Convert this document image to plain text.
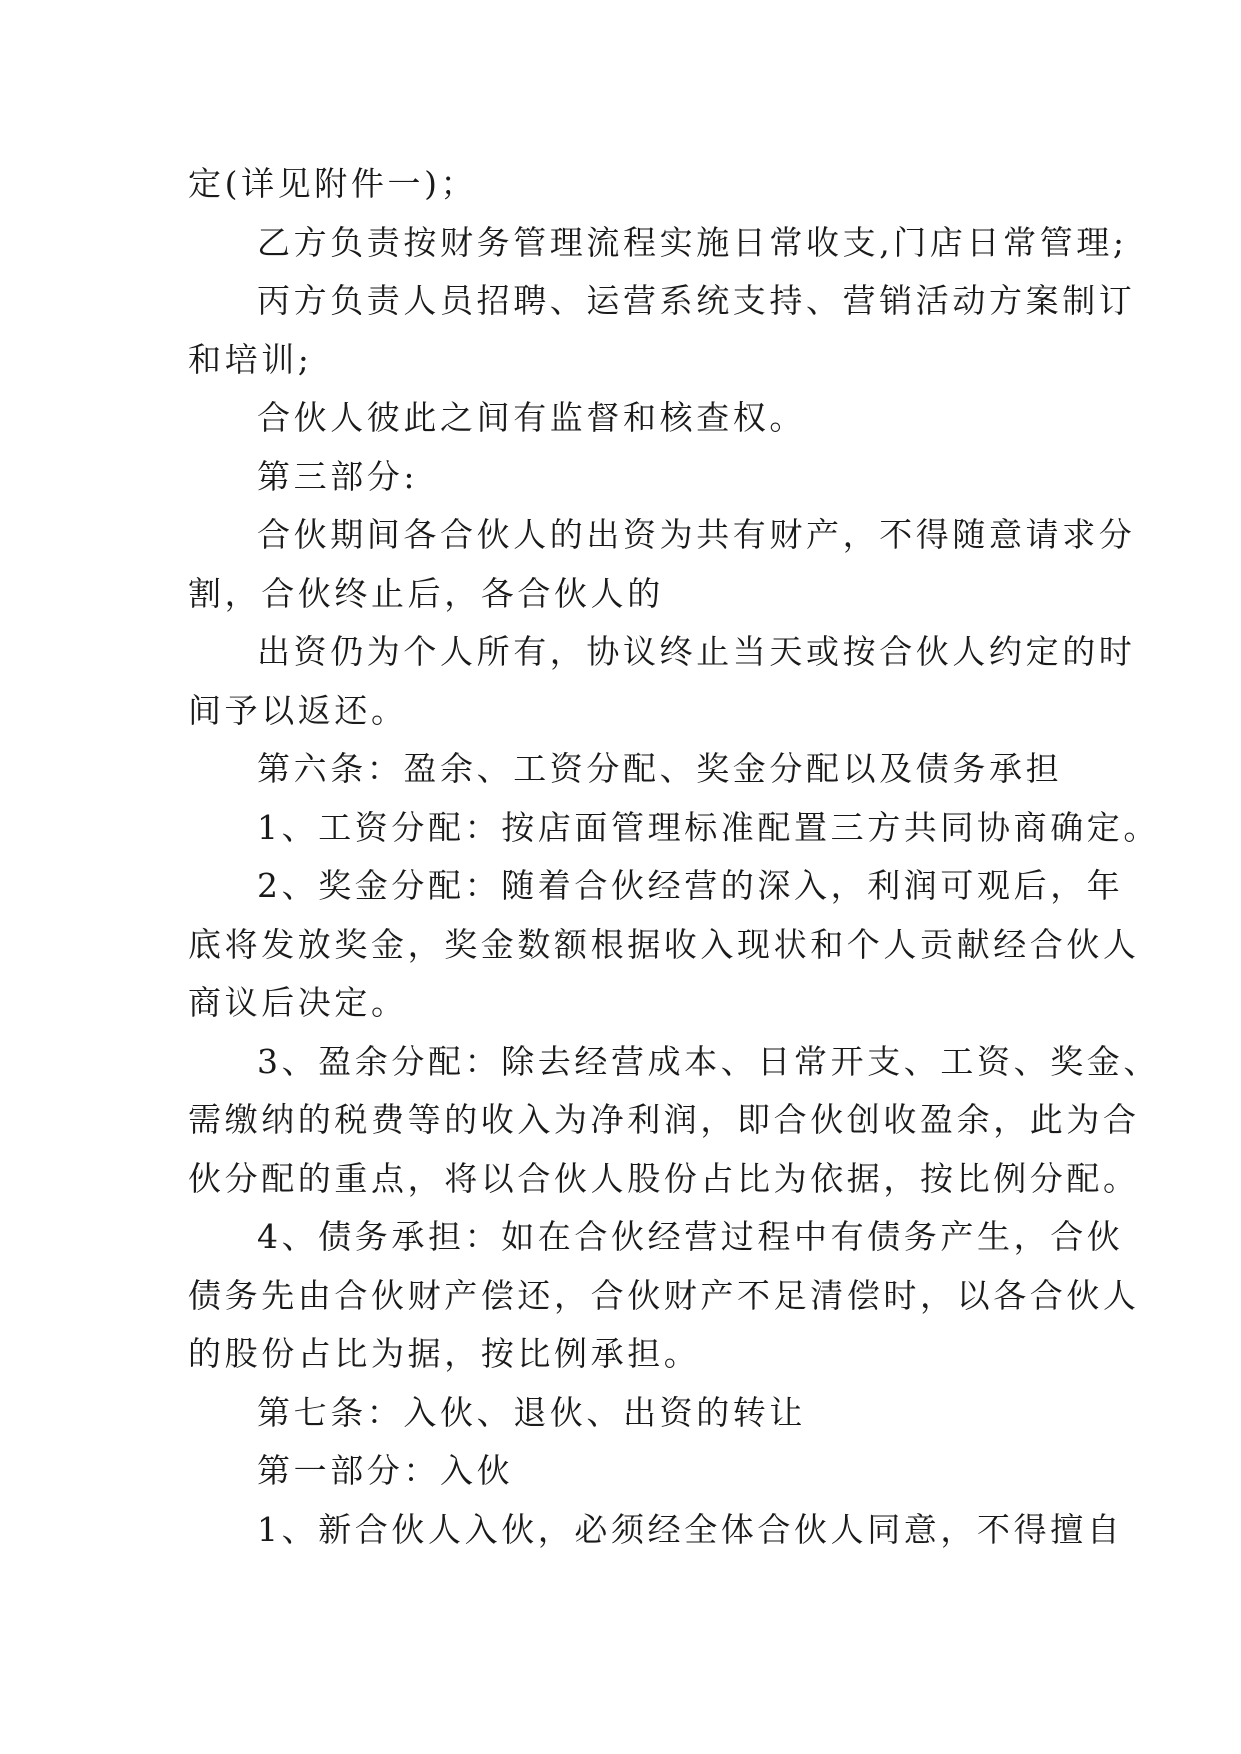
定(详见附件一)；
乙方负责按财务管理流程实施日常收支,门店日常管理;
丙方负责人员招聘、运营系统支持、营销活动方案制订
和培训;
合伙人彼此之间有监督和核查权。
第三部分:
合伙期间各合伙人的出资为共有财产，不得随意请求分
割，合伙终止后，各合伙人的
出资仍为个人所有，协议终止当天或按合伙人约定的时
间予以返还。
第六条：盈余、工资分配、奖金分配以及债务承担
1、工资分配：按店面管理标准配置三方共同协商确定。
2、奖金分配：随着合伙经营的深入，利润可观后，年
底将发放奖金，奖金数额根据收入现状和个人贡献经合伙人
商议后决定。
3、盈余分配：除去经营成本、日常开支、工资、奖金、
需缴纳的税费等的收入为净利润，即合伙创收盈余，此为合
伙分配的重点，将以合伙人股份占比为依据，按比例分配。
4、债务承担：如在合伙经营过程中有债务产生，合伙
债务先由合伙财产偿还，合伙财产不足清偿时，以各合伙人
的股份占比为据，按比例承担。
第七条：入伙、退伙、出资的转让
第一部分：入伙
1、新合伙人入伙，必须经全体合伙人同意，不得擅自
